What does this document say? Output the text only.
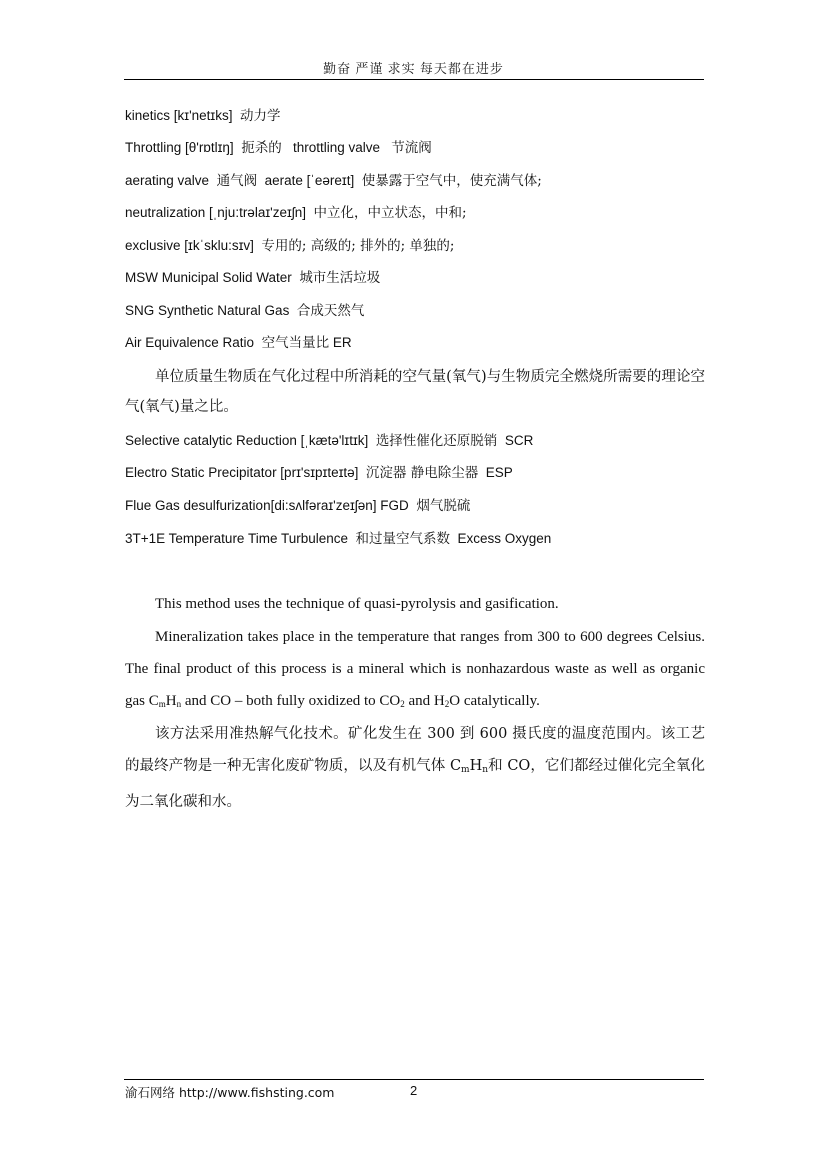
勤奋 严谨 求实 每天都在进步
kinetics [kɪ'netɪks] 动力学
Throttling [θ'rɒtlɪŋ] 扼杀的 throttling valve 节流阀
aerating valve 通气阀 aerate [ˈeəreɪt] 使暴露于空气中，使充满气体;
neutralization [ˌnju:trəlaɪ'zeɪʃn] 中立化，中立状态，中和;
exclusive [ɪkˈsklu:sɪv] 专用的; 高级的; 排外的; 单独的;
MSW Municipal Solid Water 城市生活垃圾
SNG Synthetic Natural Gas 合成天然气
Air Equivalence Ratio 空气当量比 ER

单位质量生物质在气化过程中所消耗的空气量(氧气)与生物质完全燃烧所需要的理论空气(氧气)量之比。

Selective catalytic Reduction [ˌkætə'lɪtɪk] 选择性催化还原脱销 SCR
Electro Static Precipitator [prɪ'sɪpɪteɪtə] 沉淀器 静电除尘器 ESP
Flue Gas desulfurization[di:sʌlfəraɪ'zeɪʃən] FGD 烟气脱硫
3T+1E Temperature Time Turbulence 和过量空气系数 Excess Oxygen

This method uses the technique of quasi-pyrolysis and gasification.

Mineralization takes place in the temperature that ranges from 300 to 600 degrees Celsius. The final product of this process is a mineral which is nonhazardous waste as well as organic gas $C_mH_n$ and CO – both fully oxidized to $CO_2$ and $H_2O$ catalytically.

该方法采用准热解气化技术。矿化发生在 300 到 600 摄氏度的温度范围内。该工艺的最终产物是一种无害化废矿物质，以及有机气体 $C_mH_n$和 CO，它们都经过催化完全氧化为二氧化碳和水。

渝石网络 http://www.fishsting.com	2
